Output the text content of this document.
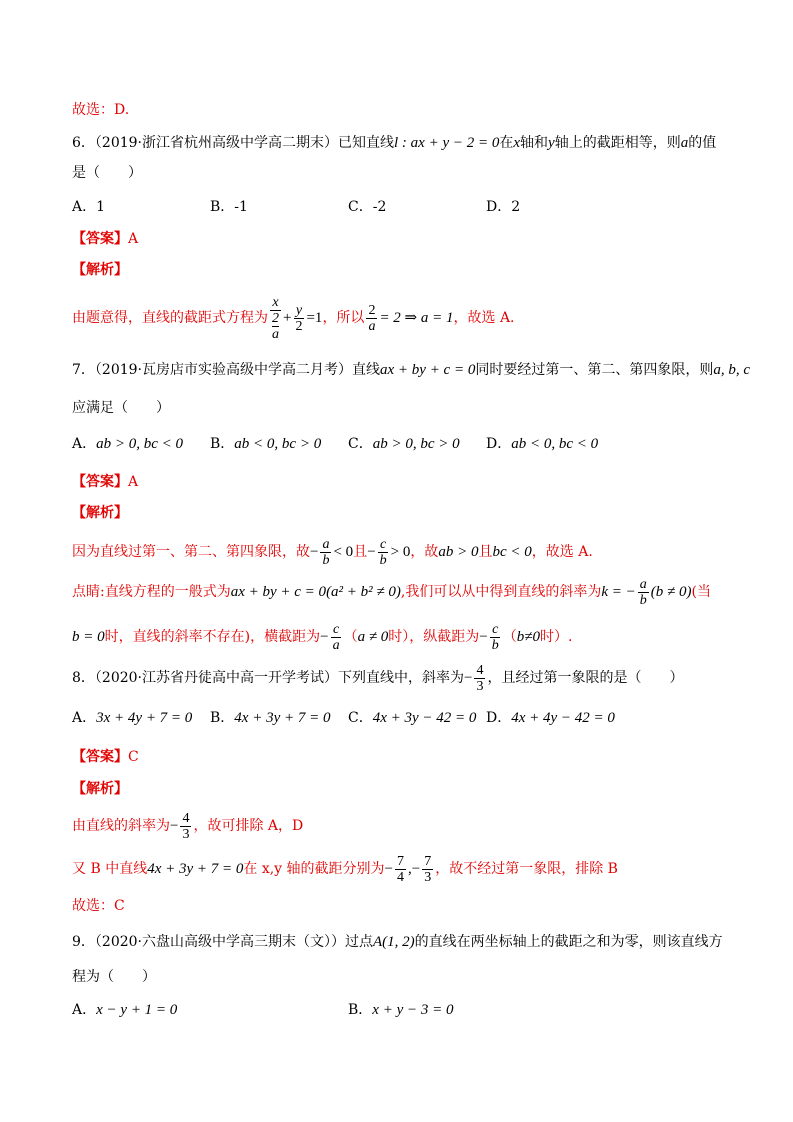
故选：D.
6．（2019·浙江省杭州高级中学高二期末）已知直线l : ax + y − 2 = 0在x轴和y轴上的截距相等，则a的值
是（　　）
A．1	B．-1	C．-2	D．2
【答案】A
【解析】
由题意得，直线的截距式方程为 x
2
$a + \frac{y}{2} =1$ ，所以 $\frac{2}{a} = 2$ ⇒ a = 1 ，故选 A.
7．（2019·瓦房店市实验高级中学高二月考）直线ax + by + c = 0同时要经过第一、第二、第四象限，则a, b, c
应满足（　　）
A．ab > 0, bc < 0 B．ab < 0, bc > 0 C．ab > 0, bc > 0 D．ab < 0, bc < 0
【答案】A
【解析】
因为直线过第一、第二、第四象限，故 − $\frac{a}{b} < 0$ 且 − $\frac{c}{b} > 0$ ，故 ab > 0 且 bc < 0 ，故选 A.
点睛:直线方程的一般式为 ax + by + c = 0 (a² + b² ≠ 0) ,我们可以从中得到直线的斜率为 k = − $\frac{a}{b} (b \ne 0)$ (当
b = 0 时，直线的斜率不存在)，横截距为 − $\frac{c}{a}$ （ a ≠ 0 时），纵截距为 − $\frac{c}{b}$ （ b≠0 时）.
8．（2020·江苏省丹徒高中高一开学考试）下列直线中，斜率为 − $\frac{4}{3}$ ，且经过第一象限的是（　　）
A．3x + 4y + 7 = 0 B．4x + 3y + 7 = 0 C．4x + 3y − 42 = 0 D．4x + 4y − 42 = 0
【答案】C
【解析】
由直线的斜率为 − $\frac{4}{3}$ ，故可排除 A，D
又 B 中直线 4x + 3y + 7 = 0 在 x,y 轴的截距分别为 − $\frac{7}{4}$ ,− $\frac{7}{3}$ ，故不经过第一象限，排除 B
故选：C
9．（2020·六盘山高级中学高三期末（文））过点A(1, 2)的直线在两坐标轴上的截距之和为零，则该直线方
程为（　　）
A．x − y + 1 = 0	B．x + y − 3 = 0
